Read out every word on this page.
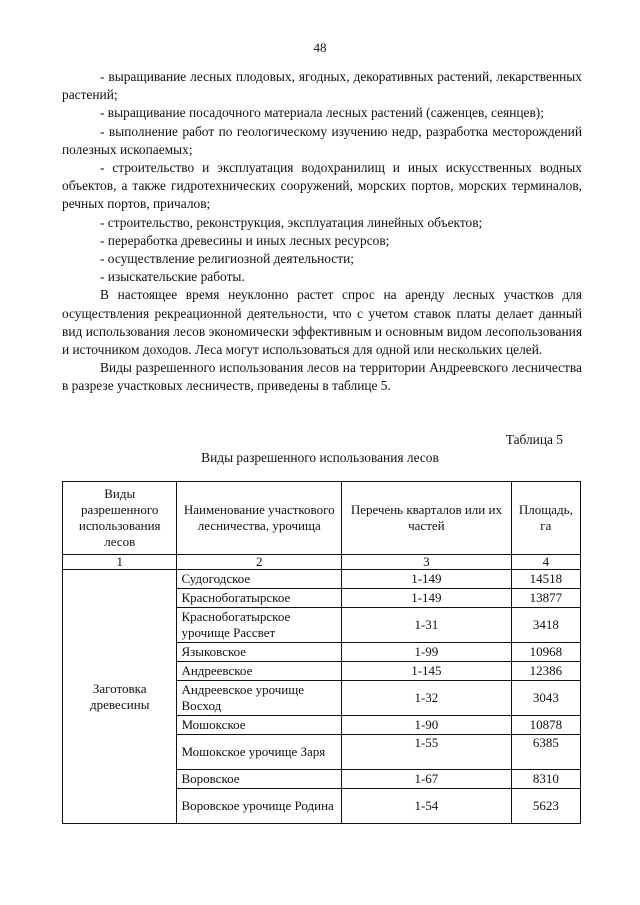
48

- выращивание лесных плодовых, ягодных, декоративных растений, лекарственных растений;

- выращивание посадочного материала лесных растений (саженцев, сеянцев);

- выполнение работ по геологическому изучению недр, разработка месторождений полезных ископаемых;

- строительство и эксплуатация водохранилищ и иных искусственных водных объектов, а также гидротехнических сооружений, морских портов, морских терминалов, речных портов, причалов;

- строительство, реконструкция, эксплуатация линейных объектов;

- переработка древесины и иных лесных ресурсов;

- осуществление религиозной деятельности;

- изыскательские работы.

В настоящее время неуклонно растет спрос на аренду лесных участков для осуществления рекреационной деятельности, что с учетом ставок платы делает данный вид использования лесов экономически эффективным и основным видом лесопользования и источником доходов. Леса могут использоваться для одной или нескольких целей.

Виды разрешенного использования лесов на территории Андреевского лесничества в разрезе участковых лесничеств, приведены в таблице 5.

Таблица 5
Виды разрешенного использования лесов
Виды разрешенного использования лесов	Наименование участкового лесничества, урочища	Перечень кварталов или их частей	Площадь, га
1	2	3	4
Заготовка древесины	Судогодское	1-149	14518
	Краснобогатырское	1-149	13877
	Краснобогатырское урочище Рассвет	1-31	3418
	Языковское	1-99	10968
	Андреевское	1-145	12386
	Андреевское урочище Восход	1-32	3043
	Мошокское	1-90	10878
	Мошокское урочище Заря	1-55	6385
	Воровское	1-67	8310
	Воровское урочище Родина	1-54	5623
